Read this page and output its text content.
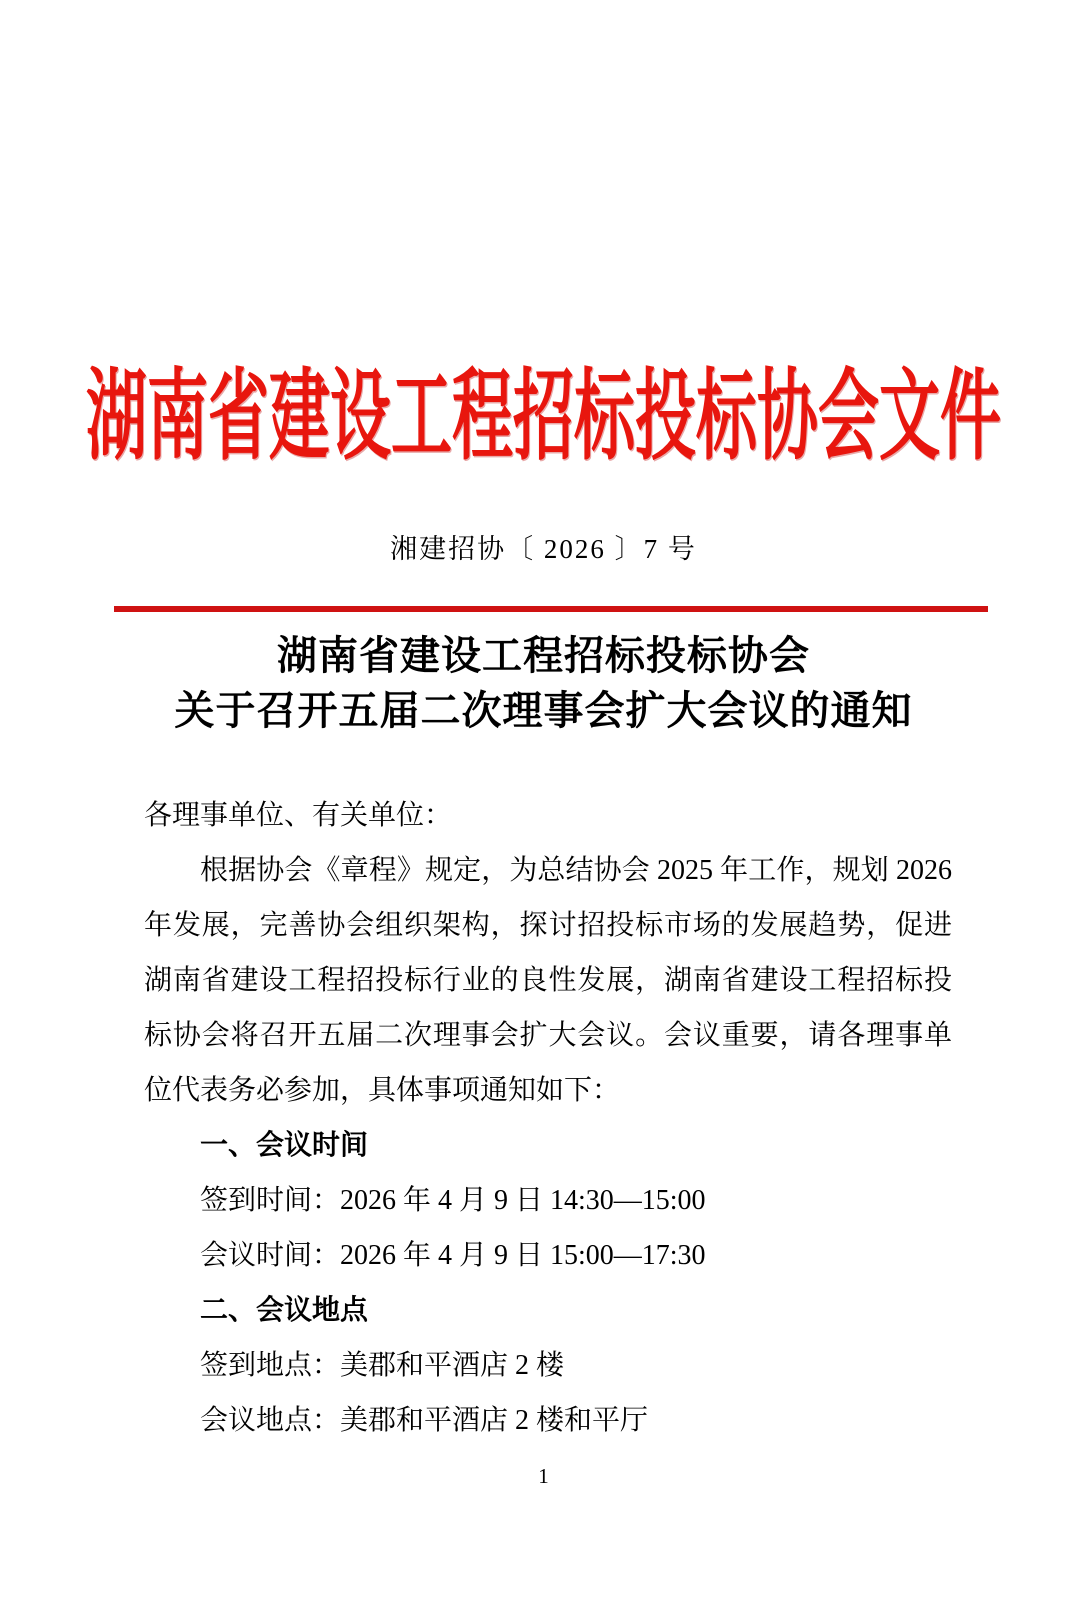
湖南省建设工程招标投标协会文件
湘建招协〔 2026 〕7 号
湖南省建设工程招标投标协会
关于召开五届二次理事会扩大会议的通知

各理事单位、有关单位：

根据协会《章程》规定，为总结协会 2025 年工作，规划 2026 年发展，完善协会组织架构，探讨招投标市场的发展趋势，促进湖南省建设工程招投标行业的良性发展，湖南省建设工程招标投标协会将召开五届二次理事会扩大会议。会议重要，请各理事单位代表务必参加，具体事项通知如下：

一、会议时间

签到时间：2026 年 4 月 9 日 14:30—15:00

会议时间：2026 年 4 月 9 日 15:00—17:30

二、会议地点

签到地点：美郡和平酒店 2 楼

会议地点：美郡和平酒店 2 楼和平厅

1
